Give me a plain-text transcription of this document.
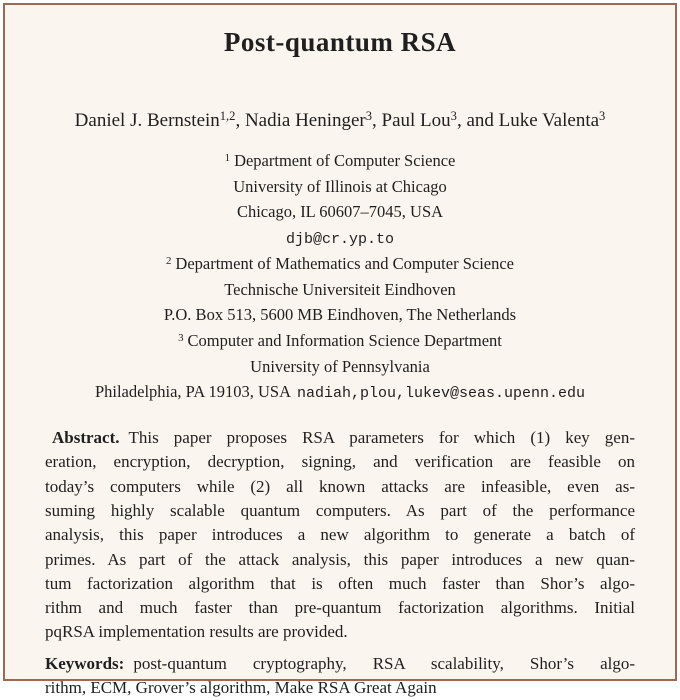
Post-quantum RSA
Daniel J. Bernstein$^{1,2}$, Nadia Heninger$^3$, Paul Lou$^3$, and Luke Valenta$^3$
$^1$ Department of Computer Science
University of Illinois at Chicago
Chicago, IL 60607–7045, USA
djb@cr.yp.to
$^2$ Department of Mathematics and Computer Science
Technische Universiteit Eindhoven
P.O. Box 513, 5600 MB Eindhoven, The Netherlands
$^3$ Computer and Information Science Department
University of Pennsylvania
Philadelphia, PA 19103, USA nadiah,plou,lukev@seas.upenn.edu
Abstract. This paper proposes RSA parameters for which (1) key gen-
eration, encryption, decryption, signing, and verification are feasible on
today’s computers while (2) all known attacks are infeasible, even as-
suming highly scalable quantum computers. As part of the performance
analysis, this paper introduces a new algorithm to generate a batch of
primes. As part of the attack analysis, this paper introduces a new quan-
tum factorization algorithm that is often much faster than Shor’s algo-
rithm and much faster than pre-quantum factorization algorithms. Initial
pqRSA implementation results are provided.
Keywords: post-quantum cryptography, RSA scalability, Shor’s algo-
rithm, ECM, Grover’s algorithm, Make RSA Great Again
